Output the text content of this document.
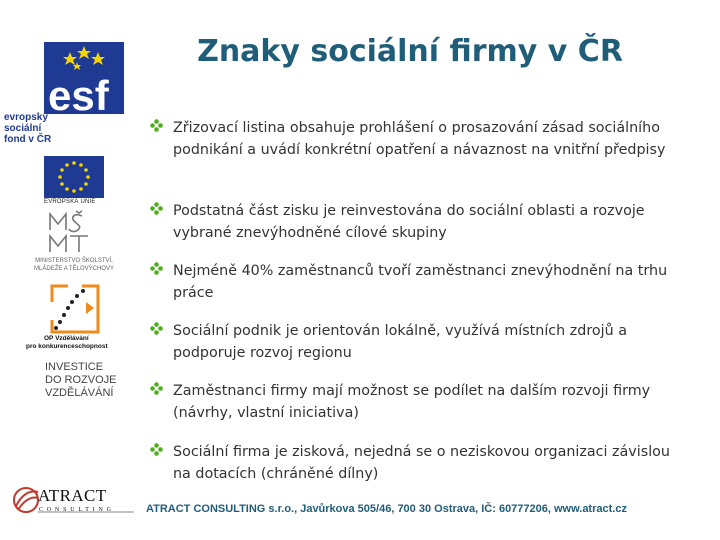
esf
evropský
sociální
fond v ČR
EVROPSKÁ UNIE
MINISTERSTVO ŠKOLSTVÍ,
MLÁDEŽE A TĚLOVÝCHOVY
OP Vzdělávání
pro konkurenceschopnost
INVESTICE
DO ROZVOJE
VZDĚLÁVÁNÍ
ATRACT
CONSULTING
Znaky sociální firmy v ČR
Zřizovací listina obsahuje prohlášení o prosazování zásad sociálního podnikání a uvádí konkrétní opatření a návaznost na vnitřní předpisy
Podstatná část zisku je reinvestována do sociální oblasti a rozvoje vybrané znevýhodněné cílové skupiny
Nejméně 40% zaměstnanců tvoří zaměstnanci znevýhodnění na trhu práce
Sociální podnik je orientován lokálně, využívá místních zdrojů a podporuje rozvoj regionu
Zaměstnanci firmy mají možnost se podílet na dalším rozvoji firmy (návrhy, vlastní iniciativa)
Sociální firma je zisková, nejedná se o neziskovou organizaci závislou na dotacích (chráněné dílny)
ATRACT CONSULTING s.r.o., Javůrkova 505/46, 700 30 Ostrava, IČ: 60777206, www.atract.cz
